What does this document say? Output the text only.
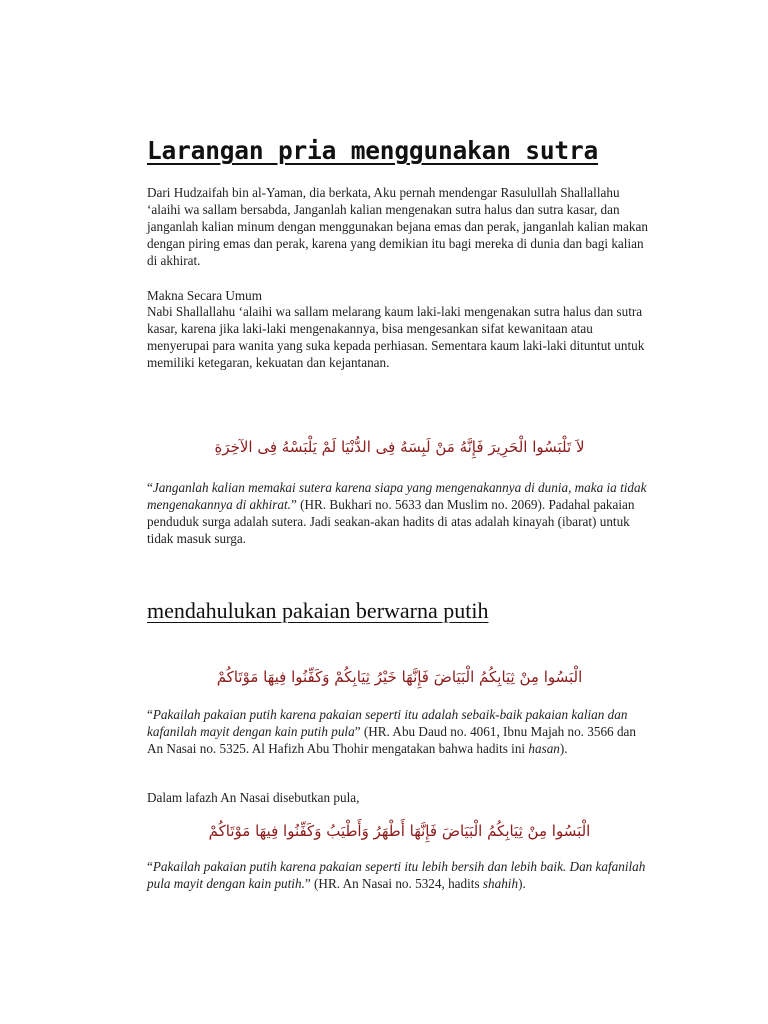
Larangan pria menggunakan sutra
Dari Hudzaifah bin al-Yaman, dia berkata, Aku pernah mendengar Rasulullah Shallallahu ‘alaihi wa sallam bersabda, Janganlah kalian mengenakan sutra halus dan sutra kasar, dan janganlah kalian minum dengan menggunakan bejana emas dan perak, janganlah kalian makan dengan piring emas dan perak, karena yang demikian itu bagi mereka di dunia dan bagi kalian di akhirat.
Makna Secara Umum
Nabi Shallallahu ‘alaihi wa sallam melarang kaum laki-laki mengenakan sutra halus dan sutra kasar, karena jika laki-laki mengenakannya, bisa mengesankan sifat kewanitaan atau menyerupai para wanita yang suka kepada perhiasan. Sementara kaum laki-laki dituntut untuk memiliki ketegaran, kekuatan dan kejantanan.
لاَ تَلْبَسُوا الْحَرِيرَ فَإِنَّهُ مَنْ لَبِسَهُ فِى الدُّنْيَا لَمْ يَلْبَسْهُ فِى الآخِرَةِ
“Janganlah kalian memakai sutera karena siapa yang mengenakannya di dunia, maka ia tidak mengenakannya di akhirat.” (HR. Bukhari no. 5633 dan Muslim no. 2069). Padahal pakaian penduduk surga adalah sutera. Jadi seakan-akan hadits di atas adalah kinayah (ibarat) untuk tidak masuk surga.
mendahulukan pakaian berwarna putih
الْبَسُوا مِنْ ثِيَابِكُمُ الْبَيَاضَ فَإِنَّهَا خَيْرُ ثِيَابِكُمْ وَكَفِّنُوا فِيهَا مَوْتَاكُمْ
“Pakailah pakaian putih karena pakaian seperti itu adalah sebaik-baik pakaian kalian dan kafanilah mayit dengan kain putih pula” (HR. Abu Daud no. 4061, Ibnu Majah no. 3566 dan An Nasai no. 5325. Al Hafizh Abu Thohir mengatakan bahwa hadits ini hasan).
Dalam lafazh An Nasai disebutkan pula,
الْبَسُوا مِنْ ثِيَابِكُمُ الْبَيَاضَ فَإِنَّهَا أَطْهَرُ وَأَطْيَبُ وَكَفِّنُوا فِيهَا مَوْتَاكُمْ
“Pakailah pakaian putih karena pakaian seperti itu lebih bersih dan lebih baik. Dan kafanilah pula mayit dengan kain putih.” (HR. An Nasai no. 5324, hadits shahih).
